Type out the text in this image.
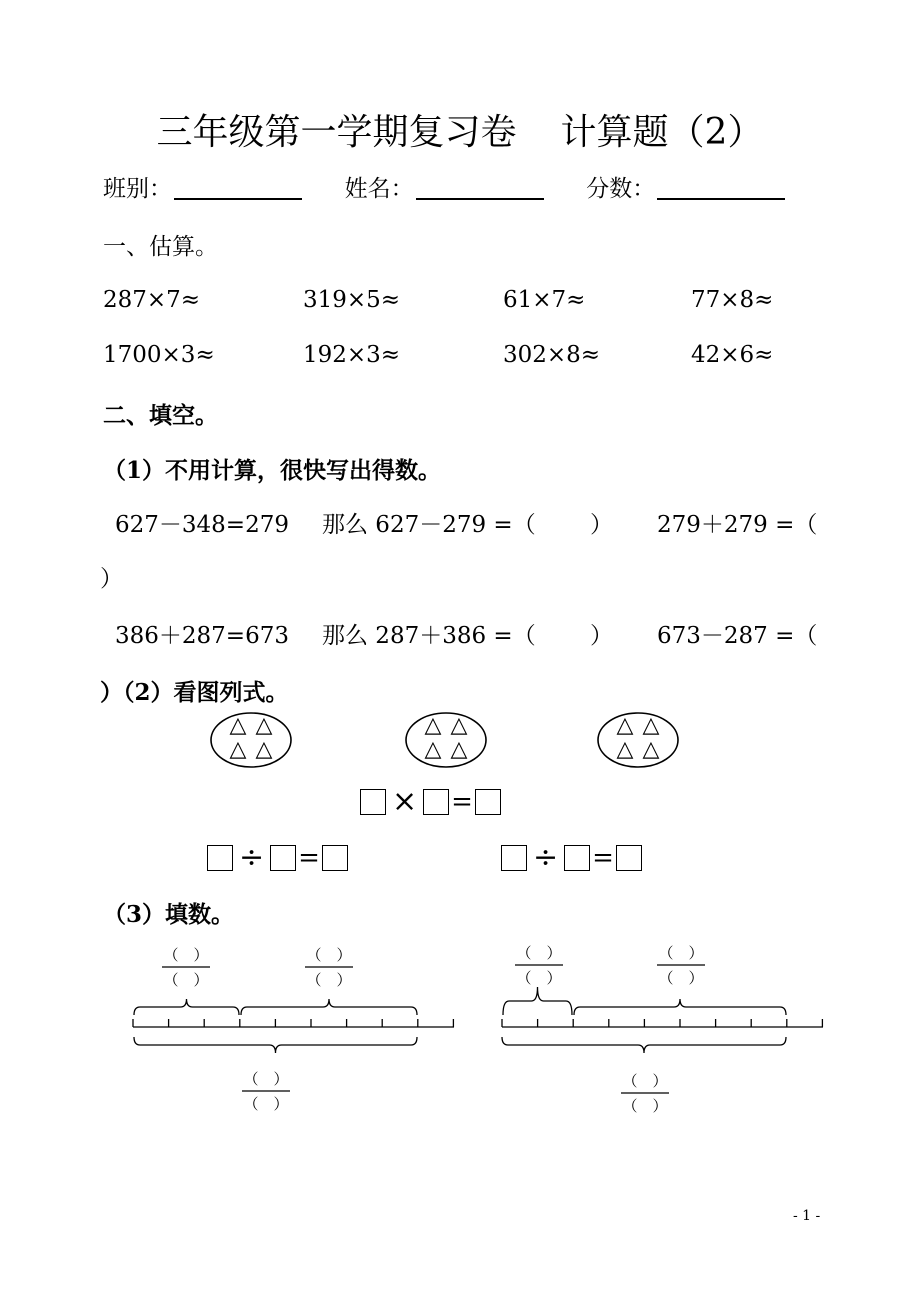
三年级第一学期复习卷 计算题（2）
班别：	姓名：	分数：
一、估算。
287×7≈	319×5≈	61×7≈	77×8≈
1700×3≈	192×3≈	302×8≈	42×6≈
二、填空。
（1）不用计算，很快写出得数。
627－348=279 那么 627－279 =（ ） 279＋279 =（
）
386＋287=673 那么 287＋386 =（ ） 673－287 =（
）（2）看图列式。
△ △
△ △
△ △
△ △
△ △
△ △
× =
÷ =	÷ =
（3）填数。
（ ）
（ ）
（ ）
（ ）
（ ）
（ ）
（ ）
（ ）
（ ）
（ ）
（ ）
（ ）
- 1 -
